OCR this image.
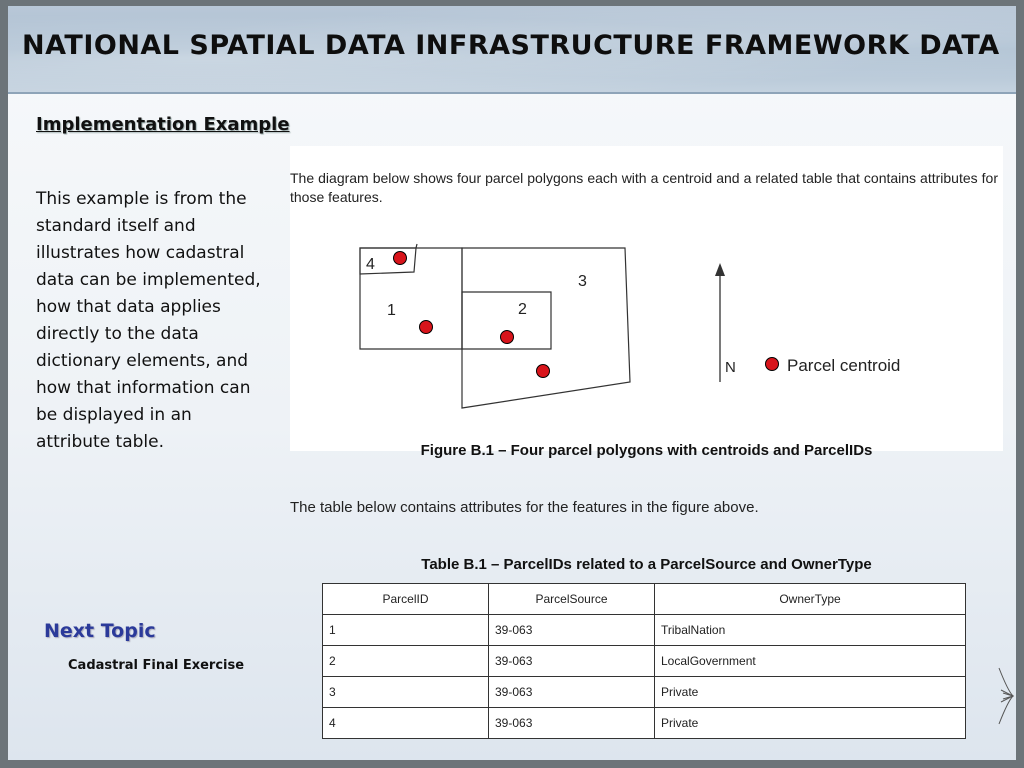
NATIONAL SPATIAL DATA INFRASTRUCTURE FRAMEWORK DATA
Implementation Example
This example is from the standard itself and illustrates how cadastral data can be implemented, how that data applies directly to the data dictionary elements, and how that information can be displayed in an attribute table.
Next Topic
Cadastral Final Exercise
The diagram below shows four parcel polygons each with a centroid and a related table that contains attributes for those features.
1	2
3
4
N	Parcel centroid
Figure B.1 – Four parcel polygons with centroids and ParcelIDs
The table below contains attributes for the features in the figure above.
Table B.1 – ParcelIDs related to a ParcelSource and OwnerType
ParcelID	ParcelSource	OwnerType
1	39-063	TribalNation
2	39-063	LocalGovernment
3	39-063	Private
4	39-063	Private
